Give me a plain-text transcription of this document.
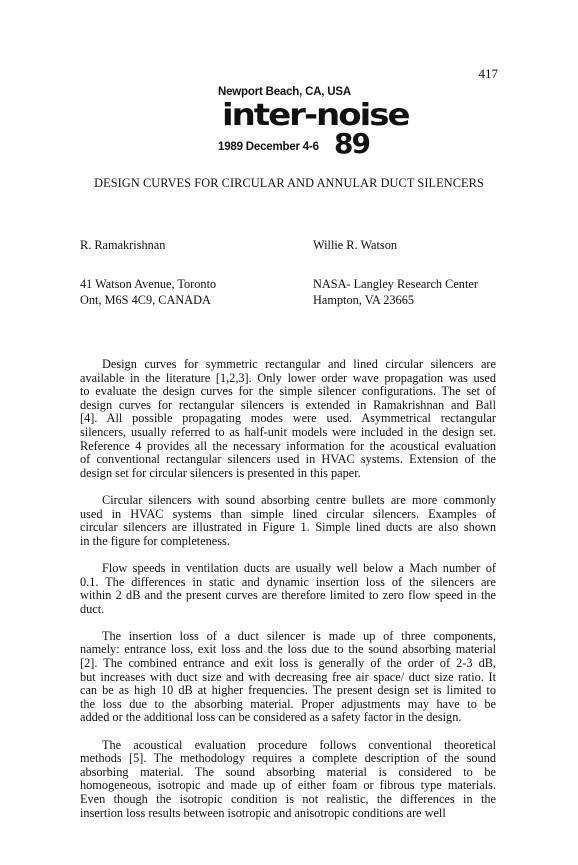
417
Newport Beach, CA, USA
inter-noise
1989 December 4-6 89
DESIGN CURVES FOR CIRCULAR AND ANNULAR DUCT SILENCERS
R. Ramakrishnan	Willie R. Watson
41 Watson Avenue, Toronto
Ont, M6S 4C9, CANADA
NASA- Langley Research Center
Hampton, VA 23665

Design curves for symmetric rectangular and lined circular silencers are
available in the literature [1,2,3]. Only lower order wave propagation was used
to evaluate the design curves for the simple silencer configurations. The set of
design curves for rectangular silencers is extended in Ramakrishnan and Ball
[4]. All possible propagating modes were used. Asymmetrical rectangular
silencers, usually referred to as half-unit models were included in the design set.
Reference 4 provides all the necessary information for the acoustical evaluation
of conventional rectangular silencers used in HVAC systems. Extension of the
design set for circular silencers is presented in this paper.

Circular silencers with sound absorbing centre bullets are more commonly
used in HVAC systems than simple lined circular silencers. Examples of
circular silencers are illustrated in Figure 1. Simple lined ducts are also shown
in the figure for completeness.

Flow speeds in ventilation ducts are usually well below a Mach number of
0.1. The differences in static and dynamic insertion loss of the silencers are
within 2 dB and the present curves are therefore limited to zero flow speed in the
duct.

The insertion loss of a duct silencer is made up of three components,
namely: entrance loss, exit loss and the loss due to the sound absorbing material
[2]. The combined entrance and exit loss is generally of the order of 2-3 dB,
but increases with duct size and with decreasing free air space/ duct size ratio. It
can be as high 10 dB at higher frequencies. The present design set is limited to
the loss due to the absorbing material. Proper adjustments may have to be
added or the additional loss can be considered as a safety factor in the design.

The acoustical evaluation procedure follows conventional theoretical
methods [5]. The methodology requires a complete description of the sound
absorbing material. The sound absorbing material is considered to be
homogeneous, isotropic and made up of either foam or fibrous type materials.
Even though the isotropic condition is not realistic, the differences in the
insertion loss results between isotropic and anisotropic conditions are well
